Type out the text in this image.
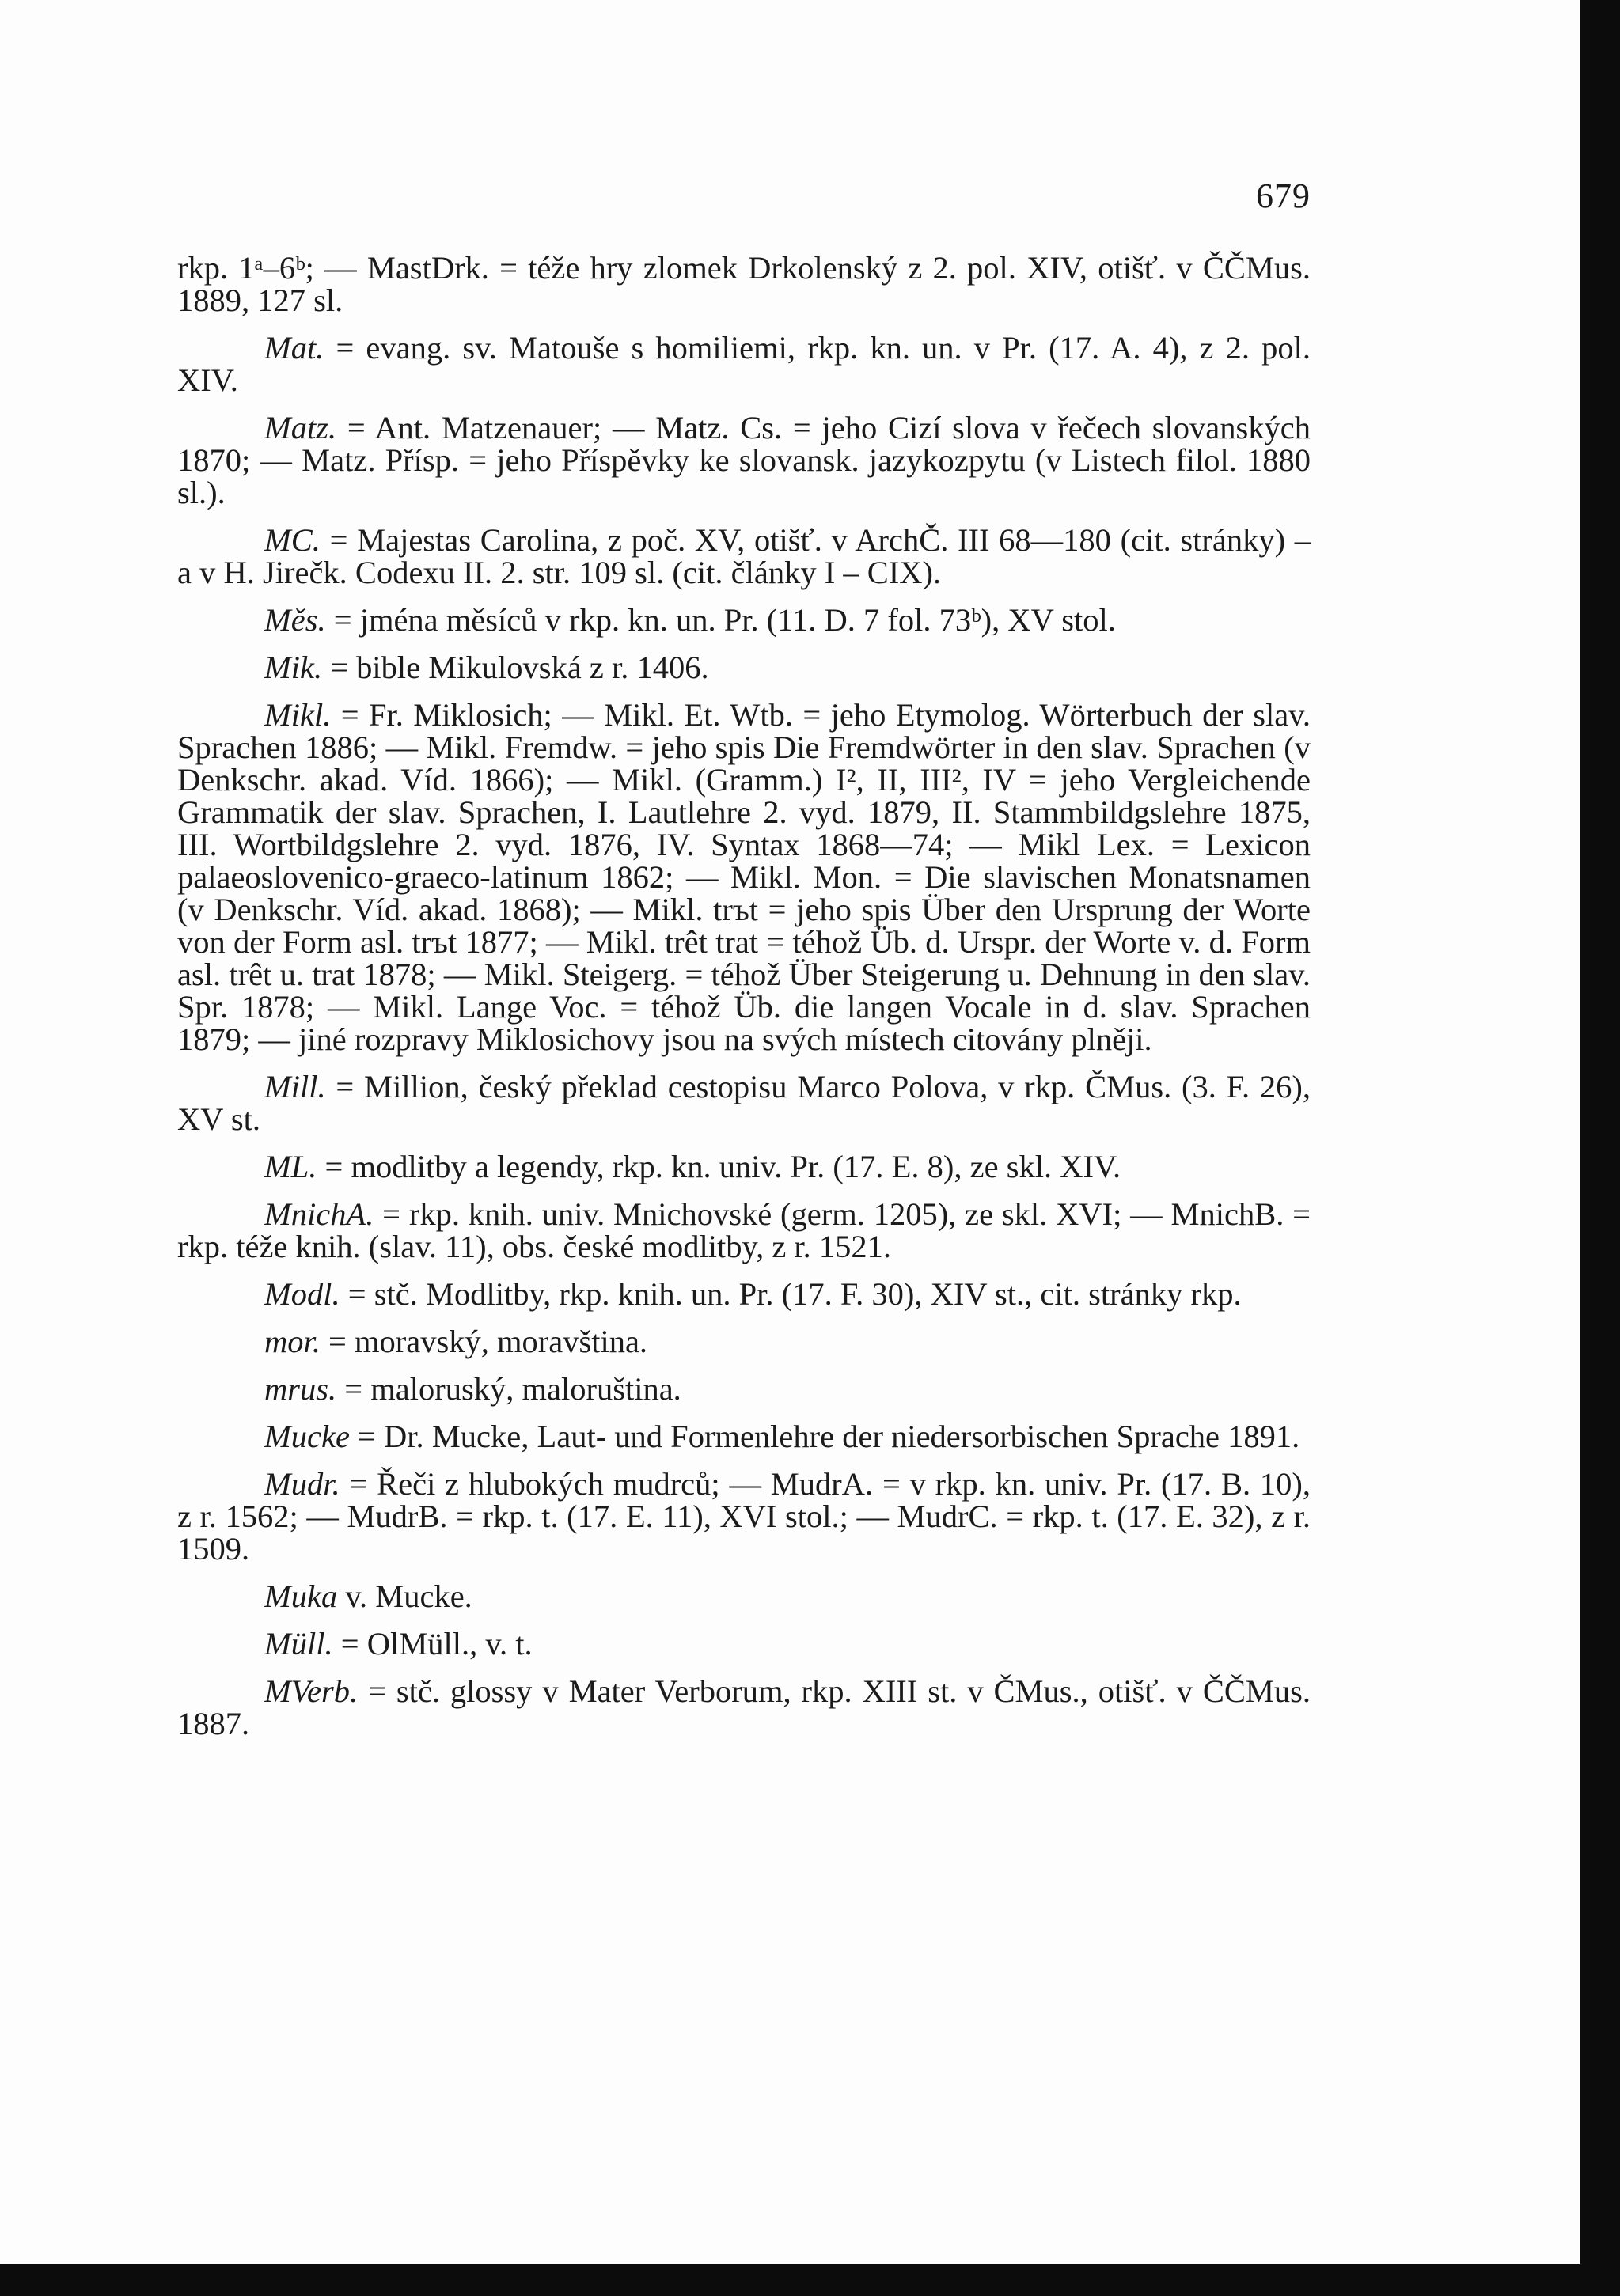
679

rkp. 1ᵃ–6ᵇ; — MastDrk. = téže hry zlomek Drkolenský z 2. pol. XIV, otišť. v ČČMus. 1889, 127 sl.

Mat. = evang. sv. Matouše s homiliemi, rkp. kn. un. v Pr. (17. A. 4), z 2. pol. XIV.

Matz. = Ant. Matzenauer; — Matz. Cs. = jeho Cizí slova v řečech slovanských 1870; — Matz. Přísp. = jeho Příspěvky ke slovansk. jazykozpytu (v Listech filol. 1880 sl.).

MC. = Majestas Carolina, z poč. XV, otišť. v ArchČ. III 68—180 (cit. stránky) – a v H. Jirečk. Codexu II. 2. str. 109 sl. (cit. články I – CIX).

Měs. = jména měsíců v rkp. kn. un. Pr. (11. D. 7 fol. 73ᵇ), XV stol.

Mik. = bible Mikulovská z r. 1406.

Mikl. = Fr. Miklosich; — Mikl. Et. Wtb. = jeho Etymolog. Wörterbuch der slav. Sprachen 1886; — Mikl. Fremdw. = jeho spis Die Fremdwörter in den slav. Sprachen (v Denkschr. akad. Víd. 1866); — Mikl. (Gramm.) I², II, III², IV = jeho Vergleichende Grammatik der slav. Sprachen, I. Lautlehre 2. vyd. 1879, II. Stammbildgslehre 1875, III. Wortbildgslehre 2. vyd. 1876, IV. Syntax 1868—74; — Mikl Lex. = Lexicon palaeoslovenico-graeco-latinum 1862; — Mikl. Mon. = Die slavischen Monatsnamen (v Denkschr. Víd. akad. 1868); — Mikl. trъt = jeho spis Über den Ursprung der Worte von der Form asl. trъt 1877; — Mikl. trêt trat = téhož Üb. d. Urspr. der Worte v. d. Form asl. trêt u. trat 1878; — Mikl. Steigerg. = téhož Über Steigerung u. Dehnung in den slav. Spr. 1878; — Mikl. Lange Voc. = téhož Üb. die langen Vocale in d. slav. Sprachen 1879; — jiné rozpravy Miklosichovy jsou na svých místech citovány plněji.

Mill. = Million, český překlad cestopisu Marco Polova, v rkp. ČMus. (3. F. 26), XV st.

ML. = modlitby a legendy, rkp. kn. univ. Pr. (17. E. 8), ze skl. XIV.

MnichA. = rkp. knih. univ. Mnichovské (germ. 1205), ze skl. XVI; — MnichB. = rkp. téže knih. (slav. 11), obs. české modlitby, z r. 1521.

Modl. = stč. Modlitby, rkp. knih. un. Pr. (17. F. 30), XIV st., cit. stránky rkp.

mor. = moravský, moravština.

mrus. = maloruský, maloruština.

Mucke = Dr. Mucke, Laut- und Formenlehre der niedersorbischen Sprache 1891.

Mudr. = Řeči z hlubokých mudrců; — MudrA. = v rkp. kn. univ. Pr. (17. B. 10), z r. 1562; — MudrB. = rkp. t. (17. E. 11), XVI stol.; — MudrC. = rkp. t. (17. E. 32), z r. 1509.

Muka v. Mucke.

Müll. = OlMüll., v. t.

MVerb. = stč. glossy v Mater Verborum, rkp. XIII st. v ČMus., otišť. v ČČMus. 1887.
